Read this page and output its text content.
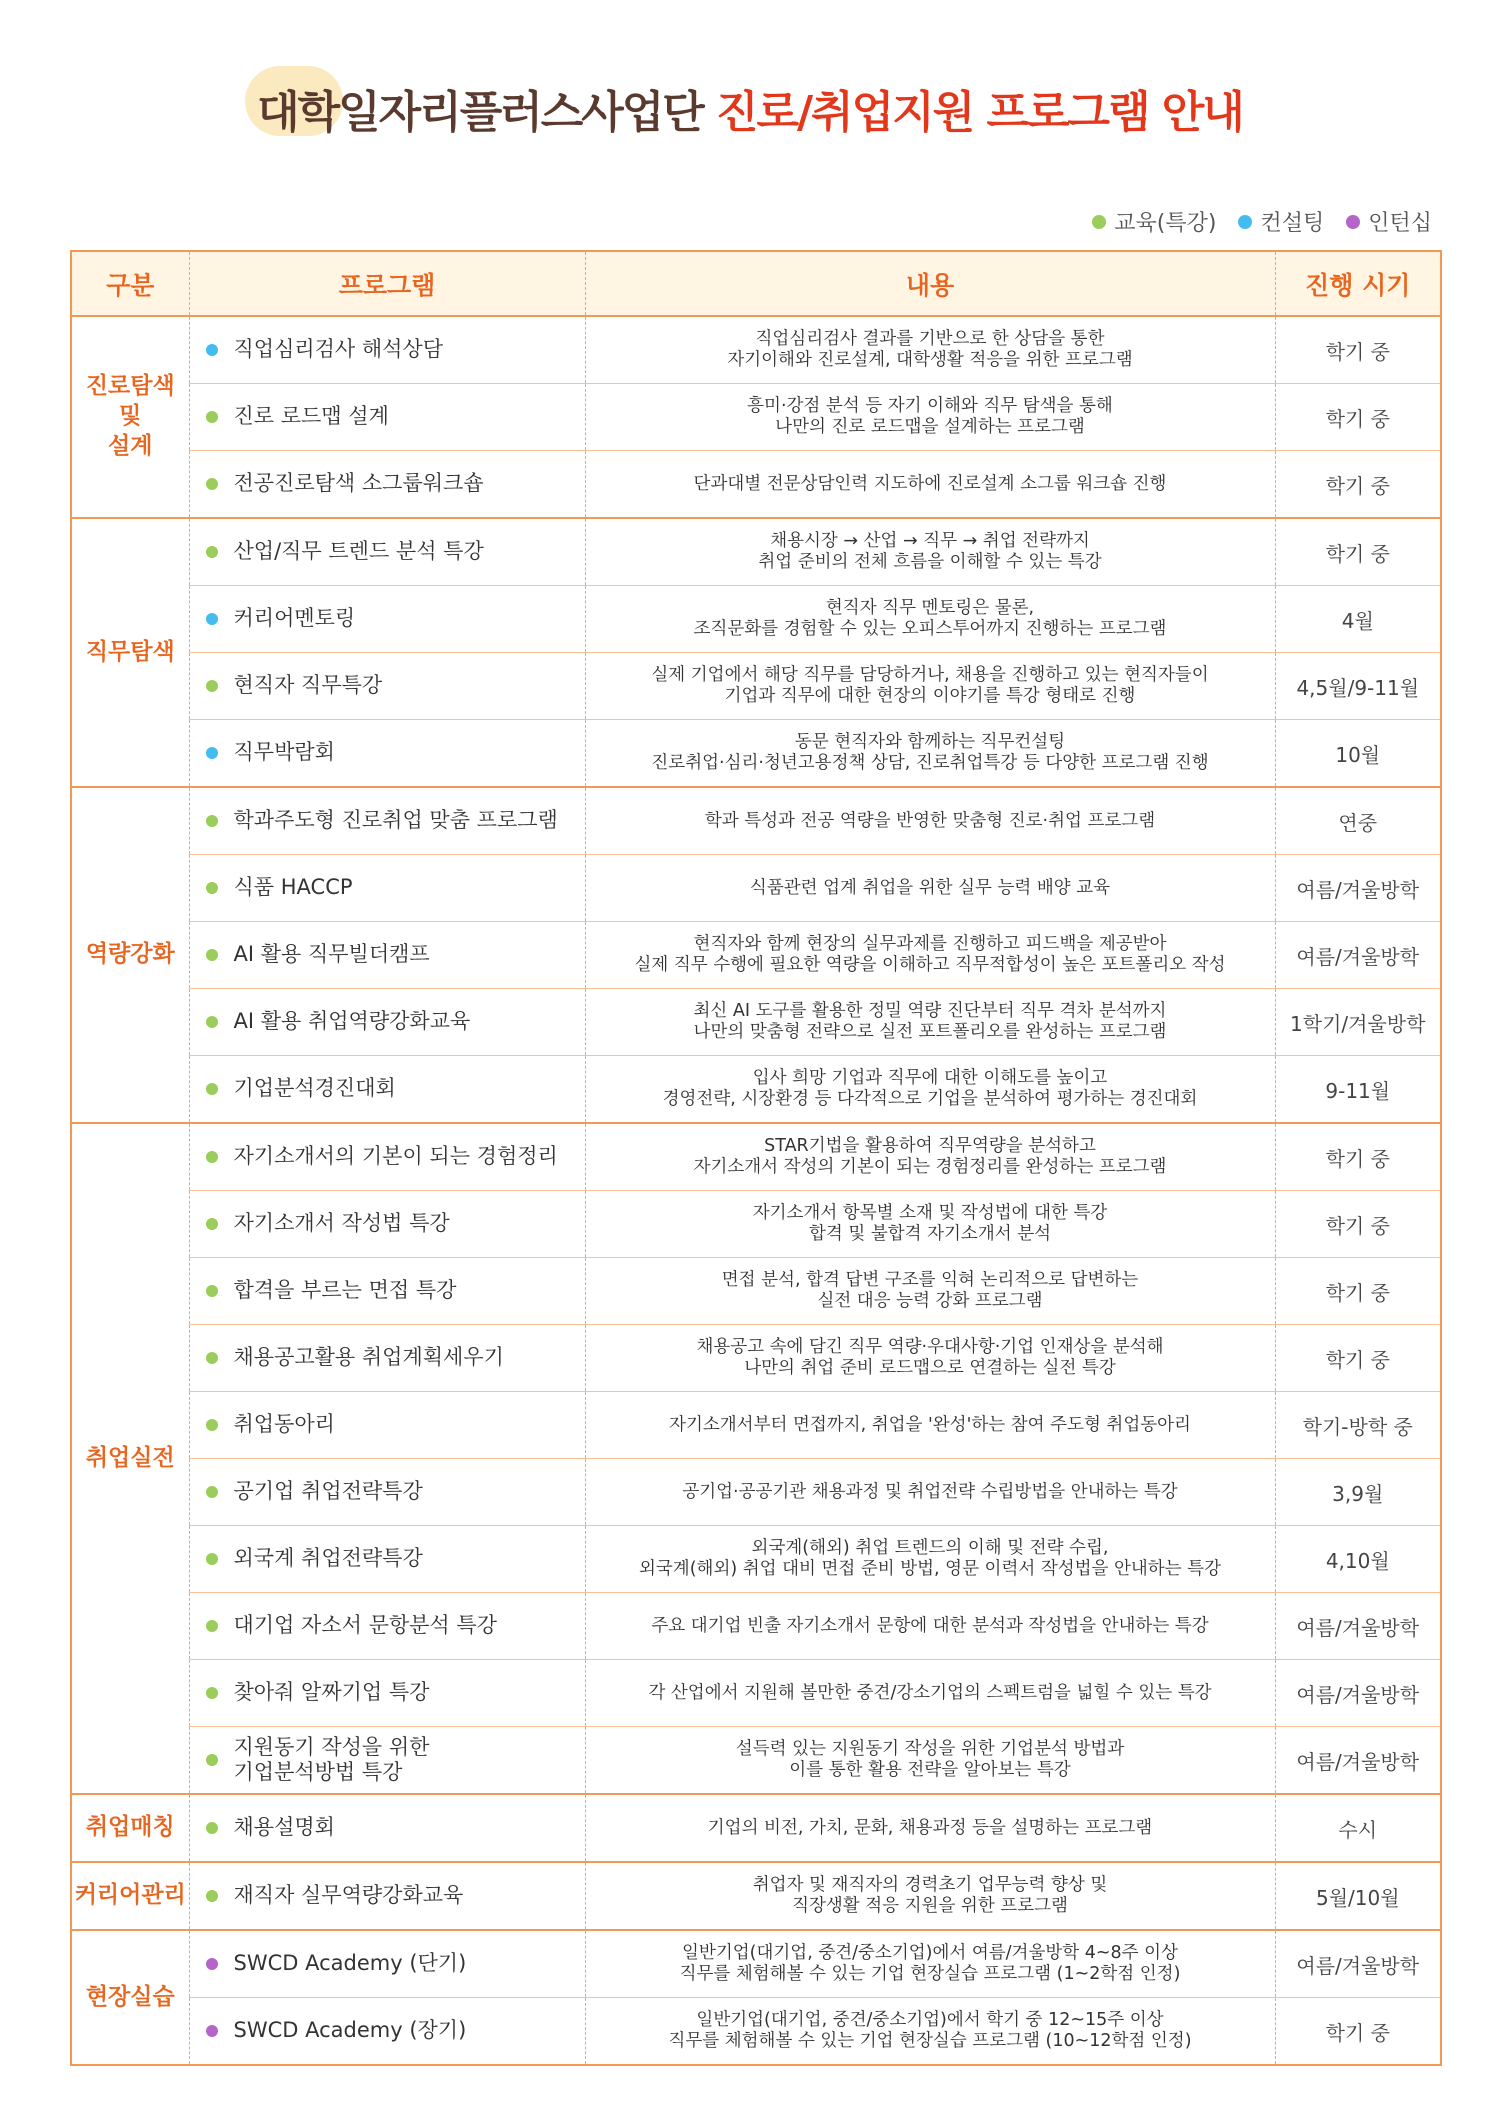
대학일자리플러스사업단 진로/취업지원 프로그램 안내
교육(특강) 컨설팅 인턴십
구분	프로그램	내용	진행 시기
진로탐색
및
설계	직업심리검사 해석상담	직업심리검사 결과를 기반으로 한 상담을 통한
자기이해와 진로설계, 대학생활 적응을 위한 프로그램	학기 중

	진로 로드맵 설계	흥미·강점 분석 등 자기 이해와 직무 탐색을 통해
나만의 진로 로드맵을 설계하는 프로그램	학기 중

	전공진로탐색 소그룹워크숍	단과대별 전문상담인력 지도하에 진로설계 소그룹 워크숍 진행	학기 중
직무탐색	산업/직무 트렌드 분석 특강	채용시장 → 산업 → 직무 → 취업 전략까지
취업 준비의 전체 흐름을 이해할 수 있는 특강	학기 중

	커리어멘토링	현직자 직무 멘토링은 물론,
조직문화를 경험할 수 있는 오피스투어까지 진행하는 프로그램	4월

	현직자 직무특강	실제 기업에서 해당 직무를 담당하거나, 채용을 진행하고 있는 현직자들이
기업과 직무에 대한 현장의 이야기를 특강 형태로 진행	4,5월/9-11월

	직무박람회	동문 현직자와 함께하는 직무컨설팅
진로취업·심리·청년고용정책 상담, 진로취업특강 등 다양한 프로그램 진행	10월
역량강화	학과주도형 진로취업 맞춤 프로그램	학과 특성과 전공 역량을 반영한 맞춤형 진로·취업 프로그램	연중

	식품 HACCP	식품관련 업계 취업을 위한 실무 능력 배양 교육	여름/겨울방학

	AI 활용 직무빌더캠프	현직자와 함께 현장의 실무과제를 진행하고 피드백을 제공받아
실제 직무 수행에 필요한 역량을 이해하고 직무적합성이 높은 포트폴리오 작성	여름/겨울방학

	AI 활용 취업역량강화교육	최신 AI 도구를 활용한 정밀 역량 진단부터 직무 격차 분석까지
나만의 맞춤형 전략으로 실전 포트폴리오를 완성하는 프로그램	1학기/겨울방학

	기업분석경진대회	입사 희망 기업과 직무에 대한 이해도를 높이고
경영전략, 시장환경 등 다각적으로 기업을 분석하여 평가하는 경진대회	9-11월
취업실전	자기소개서의 기본이 되는 경험정리	STAR기법을 활용하여 직무역량을 분석하고
자기소개서 작성의 기본이 되는 경험정리를 완성하는 프로그램	학기 중

	자기소개서 작성법 특강	자기소개서 항목별 소재 및 작성법에 대한 특강
합격 및 불합격 자기소개서 분석	학기 중

	합격을 부르는 면접 특강	면접 분석, 합격 답변 구조를 익혀 논리적으로 답변하는
실전 대응 능력 강화 프로그램	학기 중

	채용공고활용 취업계획세우기	채용공고 속에 담긴 직무 역량·우대사항·기업 인재상을 분석해
나만의 취업 준비 로드맵으로 연결하는 실전 특강	학기 중

	취업동아리	자기소개서부터 면접까지, 취업을 '완성'하는 참여 주도형 취업동아리	학기-방학 중

	공기업 취업전략특강	공기업·공공기관 채용과정 및 취업전략 수립방법을 안내하는 특강	3,9월

	외국계 취업전략특강	외국계(해외) 취업 트렌드의 이해 및 전략 수립,
외국계(해외) 취업 대비 면접 준비 방법, 영문 이력서 작성법을 안내하는 특강	4,10월

	대기업 자소서 문항분석 특강	주요 대기업 빈출 자기소개서 문항에 대한 분석과 작성법을 안내하는 특강	여름/겨울방학

	찾아줘 알짜기업 특강	각 산업에서 지원해 볼만한 중견/강소기업의 스펙트럼을 넓힐 수 있는 특강	여름/겨울방학

	지원동기 작성을 위한
기업분석방법 특강	설득력 있는 지원동기 작성을 위한 기업분석 방법과
이를 통한 활용 전략을 알아보는 특강	여름/겨울방학
취업매칭	채용설명회	기업의 비전, 가치, 문화, 채용과정 등을 설명하는 프로그램	수시
커리어관리	재직자 실무역량강화교육	취업자 및 재직자의 경력초기 업무능력 향상 및
직장생활 적응 지원을 위한 프로그램	5월/10월
현장실습	SWCD Academy (단기)	일반기업(대기업, 중견/중소기업)에서 여름/겨울방학 4~8주 이상
직무를 체험해볼 수 있는 기업 현장실습 프로그램 (1~2학점 인정)	여름/겨울방학

	SWCD Academy (장기)	일반기업(대기업, 중견/중소기업)에서 학기 중 12~15주 이상
직무를 체험해볼 수 있는 기업 현장실습 프로그램 (10~12학점 인정)	학기 중
